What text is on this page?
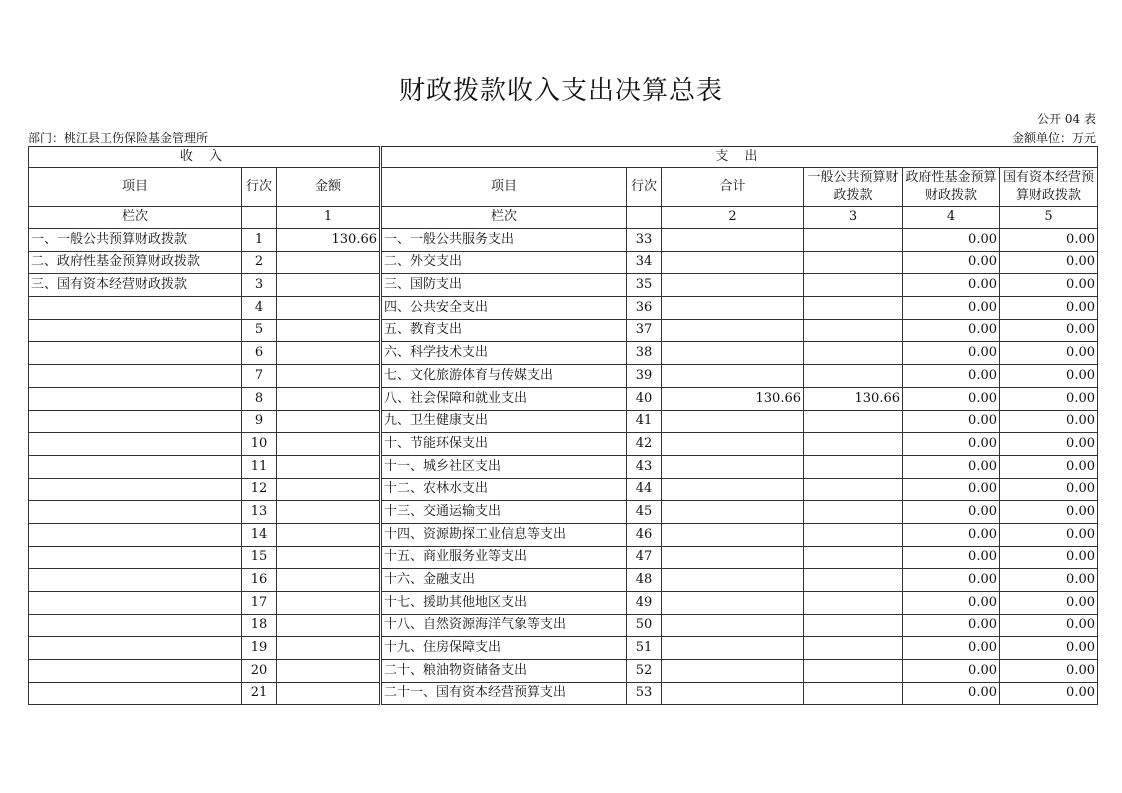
财政拨款收入支出决算总表
公开 04 表
部门：桃江县工伤保险基金管理所	金额单位：万元
收 入			支 出					
项目	行次	金额	项目	行次	合计	一般公共预算财政拨款	政府性基金预算财政拨款	国有资本经营预算财政拨款
栏次		1	栏次		2	3	4	5
一、一般公共预算财政拨款	1	130.66	一、一般公共服务支出	33			0.00	0.00
二、政府性基金预算财政拨款	2		二、外交支出	34			0.00	0.00
三、国有资本经营财政拨款	3		三、国防支出	35			0.00	0.00
	4		四、公共安全支出	36			0.00	0.00
	5		五、教育支出	37			0.00	0.00
	6		六、科学技术支出	38			0.00	0.00
	7		七、文化旅游体育与传媒支出	39			0.00	0.00
	8		八、社会保障和就业支出	40	130.66	130.66	0.00	0.00
	9		九、卫生健康支出	41			0.00	0.00
	10		十、节能环保支出	42			0.00	0.00
	11		十一、城乡社区支出	43			0.00	0.00
	12		十二、农林水支出	44			0.00	0.00
	13		十三、交通运输支出	45			0.00	0.00
	14		十四、资源勘探工业信息等支出	46			0.00	0.00
	15		十五、商业服务业等支出	47			0.00	0.00
	16		十六、金融支出	48			0.00	0.00
	17		十七、援助其他地区支出	49			0.00	0.00
	18		十八、自然资源海洋气象等支出	50			0.00	0.00
	19		十九、住房保障支出	51			0.00	0.00
	20		二十、粮油物资储备支出	52			0.00	0.00
	21		二十一、国有资本经营预算支出	53			0.00	0.00
